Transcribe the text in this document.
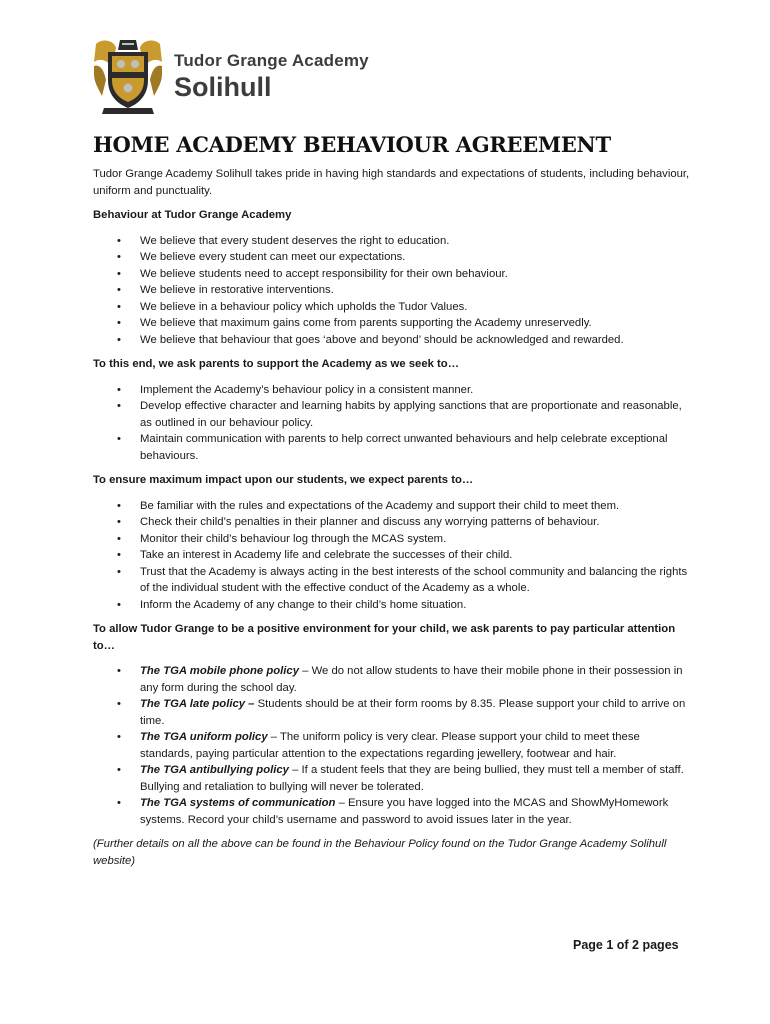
Tudor Grange Academy
Solihull
HOME ACADEMY BEHAVIOUR AGREEMENT

Tudor Grange Academy Solihull takes pride in having high standards and expectations of students, including behaviour, uniform and punctuality.

Behaviour at Tudor Grange Academy

• We believe that every student deserves the right to education.
• We believe every student can meet our expectations.
• We believe students need to accept responsibility for their own behaviour.
• We believe in restorative interventions.
• We believe in a behaviour policy which upholds the Tudor Values.
• We believe that maximum gains come from parents supporting the Academy unreservedly.
• We believe that behaviour that goes ‘above and beyond’ should be acknowledged and rewarded.

To this end, we ask parents to support the Academy as we seek to…

• Implement the Academy’s behaviour policy in a consistent manner.
• Develop effective character and learning habits by applying sanctions that are proportionate and reasonable, as outlined in our behaviour policy.
• Maintain communication with parents to help correct unwanted behaviours and help celebrate exceptional behaviours.

To ensure maximum impact upon our students, we expect parents to…

• Be familiar with the rules and expectations of the Academy and support their child to meet them.
• Check their child’s penalties in their planner and discuss any worrying patterns of behaviour.
• Monitor their child’s behaviour log through the MCAS system.
• Take an interest in Academy life and celebrate the successes of their child.
• Trust that the Academy is always acting in the best interests of the school community and balancing the rights of the individual student with the effective conduct of the Academy as a whole.
• Inform the Academy of any change to their child’s home situation.

To allow Tudor Grange to be a positive environment for your child, we ask parents to pay particular attention to…

• The TGA mobile phone policy – We do not allow students to have their mobile phone in their possession in any form during the school day.
• The TGA late policy – Students should be at their form rooms by 8.35. Please support your child to arrive on time.
• The TGA uniform policy – The uniform policy is very clear. Please support your child to meet these standards, paying particular attention to the expectations regarding jewellery, footwear and hair.
• The TGA antibullying policy – If a student feels that they are being bullied, they must tell a member of staff. Bullying and retaliation to bullying will never be tolerated.
• The TGA systems of communication – Ensure you have logged into the MCAS and ShowMyHomework systems. Record your child’s username and password to avoid issues later in the year.

(Further details on all the above can be found in the Behaviour Policy found on the Tudor Grange Academy Solihull website)

Page 1 of 2 pages
